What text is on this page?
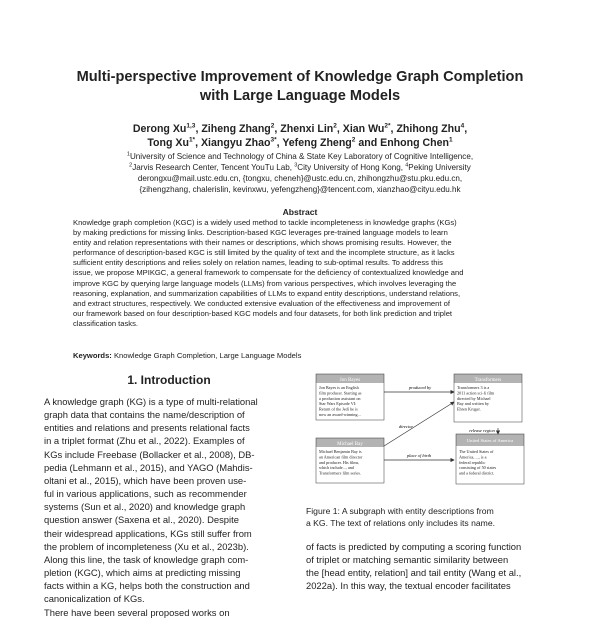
Multi-perspective Improvement of Knowledge Graph Completion
with Large Language Models
Derong Xu$^{1,3}$, Ziheng Zhang$^2$, Zhenxi Lin$^2$, Xian $Wu^{2*}$, Zhihong Zhu$^4$,
Tong $Xu^{1*}$, Xiangyu Zhao$^{3*}$, Yefeng Zheng$^2$ and Enhong Chen$^1$
$^1$University of Science and Technology of China & State Key Laboratory of Cognitive Intelligence,
$^2$Jarvis Research Center, Tencent YouTu Lab, $^3$City University of Hong Kong, $^4$Peking University
derongxu@mail.ustc.edu.cn, {tongxu, cheneh}@ustc.edu.cn, zhihongzhu@stu.pku.edu.cn,
{zihengzhang, chalerislin, kevinxwu, yefengzheng}@tencent.com, xianzhao@cityu.edu.hk
Abstract
Knowledge graph completion (KGC) is a widely used method to tackle incompleteness in knowledge graphs (KGs)
by making predictions for missing links. Description-based KGC leverages pre-trained language models to learn
entity and relation representations with their names or descriptions, which shows promising results. However, the
performance of description-based KGC is still limited by the quality of text and the incomplete structure, as it lacks
sufficient entity descriptions and relies solely on relation names, leading to sub-optimal results. To address this
issue, we propose MPIKGC, a general framework to compensate for the deficiency of contextualized knowledge and
improve KGC by querying large language models (LLMs) from various perspectives, which involves leveraging the
reasoning, explanation, and summarization capabilities of LLMs to expand entity descriptions, understand relations,
and extract structures, respectively. We conducted extensive evaluation of the effectiveness and improvement of
our framework based on four description-based KGC models and four datasets, for both link prediction and triplet
classification tasks.
Keywords: Knowledge Graph Completion, Large Language Models
1. Introduction
A knowledge graph (KG) is a type of multi-relational
graph data that contains the name/description of
entities and relations and presents relational facts
in a triplet format (Zhu et al., 2022). Examples of
KGs include Freebase (Bollacker et al., 2008), DB-
pedia (Lehmann et al., 2015), and YAGO (Mahdis-
oltani et al., 2015), which have been proven use-
ful in various applications, such as recommender
systems (Sun et al., 2020) and knowledge graph
question answer (Saxena et al., 2020). Despite
their widespread applications, KGs still suffer from
the problem of incompleteness (Xu et al., 2023b).
Along this line, the task of knowledge graph com-
pletion (KGC), which aims at predicting missing
facts within a KG, helps both the construction and
canonicalization of KGs.
There have been several proposed works on
produced by
director
place of birth
release region
Jon Bayes
Jon Bayes is an English
film producer. Starting as
a production assistant on
Star Wars Episode VI:
Return of the Jedi he is
now an award-winning...
Transformers
Transformers 3 is a
2011 action sci-fi film
directed by Michael
Bay and written by
Ehren Kruger.
Michael Bay
Michael Benjamin Bay is
an American film director
and producer. His films,
which include..., and
Transformers film series.
United States of America
The United States of
America, ..., is a
federal republic
consisting of 50 states
and a federal district.
Figure 1: A subgraph with entity descriptions from
a KG. The text of relations only includes its name.
of facts is predicted by computing a scoring function
of triplet or matching semantic similarity between
the [head entity, relation] and tail entity (Wang et al.,
2022a). In this way, the textual encoder facilitates
